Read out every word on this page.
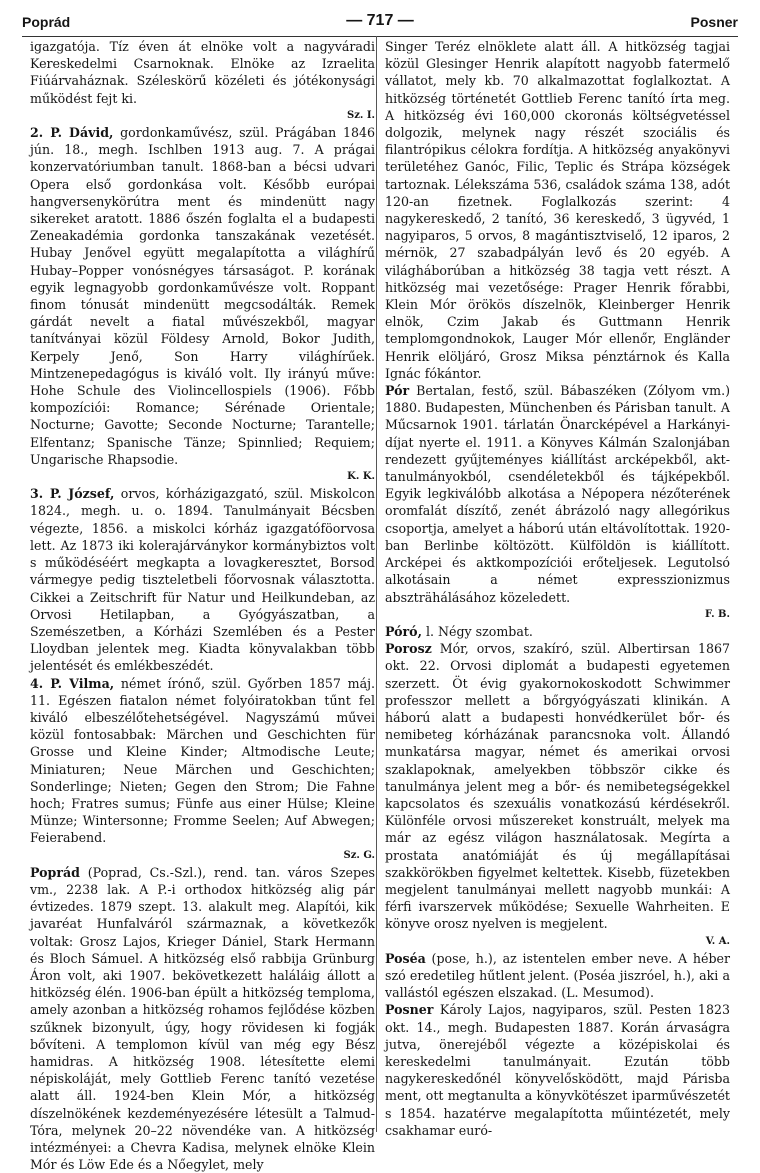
Poprád	— 717 —	Posner

igazgatója. Tíz éven át elnöke volt a nagyváradi Kereskedelmi Csarnoknak. Elnöke az Izraelita Fiúárvaháznak. Széleskörű közéleti és jótékonysági működést fejt ki.

Sz. I.

2. P. Dávid, gordonkaművész, szül. Prágában 1846 jún. 18., megh. Ischlben 1913 aug. 7. A prágai konzervatóriumban tanult. 1868-ban a bécsi udvari Opera első gordonkása volt. Később európai hangversenykörútra ment és mindenütt nagy sikereket aratott. 1886 őszén foglalta el a budapesti Zeneakadémia gordonka tanszakának vezetését. Hubay Jenővel együtt megalapította a világhírű Hubay–Popper vonósnégyes társaságot. P. korának egyik legnagyobb gordonkaművésze volt. Roppant finom tónusát mindenütt megcsodálták. Remek gárdát nevelt a fiatal művészekből, magyar tanítványai közül Földesy Arnold, Bokor Judith, Kerpely Jenő, Son Harry világhírűek. Mintzenepedagógus is kiváló volt. Ily irányú műve: Hohe Schule des Violincellospiels (1906). Főbb kompozíciói: Romance; Sérénade Orientale; Nocturne; Gavotte; Seconde Nocturne; Tarantelle; Elfentanz; Spanische Tänze; Spinnlied; Requiem; Ungarische Rhapsodie.

K. K.

3. P. József, orvos, kórházigazgató, szül. Miskolcon 1824., megh. u. o. 1894. Tanulmányait Bécsben végezte, 1856. a miskolci kórház igazgatóföorvosa lett. Az 1873 iki kolerajárványkor kormánybiztos volt s működéséért megkapta a lovagkeresztet, Borsod vármegye pedig tiszteletbeli főorvosnak választotta. Cikkei a Zeitschrift für Natur und Heilkundeban, az Orvosi Hetilapban, a Gyógyászatban, a Szemészetben, a Kórházi Szemlében és a Pester Lloydban jelentek meg. Kiadta könyvalakban több jelentését és emlékbeszédét.

4. P. Vilma, német írónő, szül. Győrben 1857 máj. 11. Egészen fiatalon német folyóiratokban tűnt fel kiváló elbeszélőtehetségével. Nagyszámú művei közül fontosabbak: Märchen und Geschichten für Grosse und Kleine Kinder; Altmodische Leute; Miniaturen; Neue Märchen und Geschichten; Sonderlinge; Nieten; Gegen den Strom; Die Fahne hoch; Fratres sumus; Fünfe aus einer Hülse; Kleine Münze; Wintersonne; Fromme Seelen; Auf Abwegen; Feierabend.

Sz. G.

Poprád (Poprad, Cs.-Szl.), rend. tan. város Szepes vm., 2238 lak. A P.-i orthodox hitközség alig pár évtizedes. 1879 szept. 13. alakult meg. Alapítói, kik javaréat Hunfalváról származnak, a következők voltak: Grosz Lajos, Krieger Dániel, Stark Hermann és Bloch Sámuel. A hitközség első rabbija Grünburg Áron volt, aki 1907. bekövetkezett haláláig állott a hitközség élén. 1906-ban épült a hitközség temploma, amely azonban a hitközség rohamos fejlődése közben szűknek bizonyult, úgy, hogy rövidesen ki fogják bővíteni. A templomon kívül van még egy Bész hamidras. A hitközség 1908. létesítette elemi népiskoláját, mely Gottlieb Ferenc tanító vezetése alatt áll. 1924-ben Klein Mór, a hitközség díszelnökének kezdeményezésére létesült a Talmud-Tóra, melynek 20–22 növendéke van. A hitközség intézményei: a Chevra Kadisa, melynek elnöke Klein Mór és Löw Ede és a Nőegylet, mely

Singer Teréz elnöklete alatt áll. A hitközség tagjai közül Glesinger Henrik alapított nagyobb fatermelő vállatot, mely kb. 70 alkalmazottat foglalkoztat. A hitközség történetét Gottlieb Ferenc tanító írta meg. A hitközség évi 160,000 ckoronás költségvetéssel dolgozik, melynek nagy részét szociális és filantrópikus célokra fordítja. A hitközség anyakönyvi területéhez Ganóc, Filic, Teplic és Strápa községek tartoznak. Lélekszáma 536, családok száma 138, adót 120-an fizetnek. Foglalkozás szerint: 4 nagykereskedő, 2 tanító, 36 kereskedő, 3 ügyvéd, 1 nagyiparos, 5 orvos, 8 magántisztviselő, 12 iparos, 2 mérnök, 27 szabadpályán levő és 20 egyéb. A világháborúban a hitközség 38 tagja vett részt. A hitközség mai vezetősége: Prager Henrik főrabbi, Klein Mór örökös díszelnök, Kleinberger Henrik elnök, Czim Jakab és Guttmann Henrik templomgondnokok, Lauger Mór ellenőr, Engländer Henrik elöljáró, Grosz Miksa pénztárnok és Kalla Ignác fókántor.

Pór Bertalan, festő, szül. Bábaszéken (Zólyom vm.) 1880. Budapesten, Münchenben és Párisban tanult. A Műcsarnok 1901. tárlatán Önarcképével a Harkányi-díjat nyerte el. 1911. a Könyves Kálmán Szalonjában rendezett gyűjteményes kiállítást arcképekből, akt-tanulmányokból, csendéletekből és tájképekből. Egyik legkiválóbb alkotása a Népopera nézőterének oromfalát díszítő, zenét ábrázoló nagy allegórikus csoportja, amelyet a háború után eltávolítottak. 1920-ban Berlinbe költözött. Külföldön is kiállított. Arcképei és aktkompozíciói erőteljesek. Legutolsó alkotásain a német expresszionizmus abszträhálásához közeledett.

F. B.

Póró, l. Négy szombat.

Porosz Mór, orvos, szakíró, szül. Albertirsan 1867 okt. 22. Orvosi diplomát a budapesti egyetemen szerzett. Öt évig gyakornokoskodott Schwimmer professzor mellett a bőrgyógyászati klinikán. A háború alatt a budapesti honvédkerület bőr- és nemibeteg kórházának parancsnoka volt. Állandó munkatársa magyar, német és amerikai orvosi szaklapoknak, amelyekben többször cikke és tanulmánya jelent meg a bőr- és nemibetegségekkel kapcsolatos és szexuális vonatkozású kérdésekről. Különféle orvosi műszereket konstruált, melyek ma már az egész világon használatosak. Megírta a prostata anatómiáját és új megállapításai szakkörökben figyelmet keltettek. Kisebb, füzetekben megjelent tanulmányai mellett nagyobb munkái: A férfi ivarszervek működése; Sexuelle Wahrheiten. E könyve orosz nyelven is megjelent.

V. A.

Poséa (pose, h.), az istentelen ember neve. A héber szó eredetileg hűtlent jelent. (Poséa jiszróel, h.), aki a vallástól egészen elszakad. (L. Mesumod).

Posner Károly Lajos, nagyiparos, szül. Pesten 1823 okt. 14., megh. Budapesten 1887. Korán árvaságra jutva, önerejéből végezte a középiskolai és kereskedelmi tanulmányait. Ezután több nagykereskedőnél könyvelősködött, majd Párisba ment, ott megtanulta a könyvkötészet iparművészetét s 1854. hazatérve megalapította műintézetét, mely csakhamar euró-
